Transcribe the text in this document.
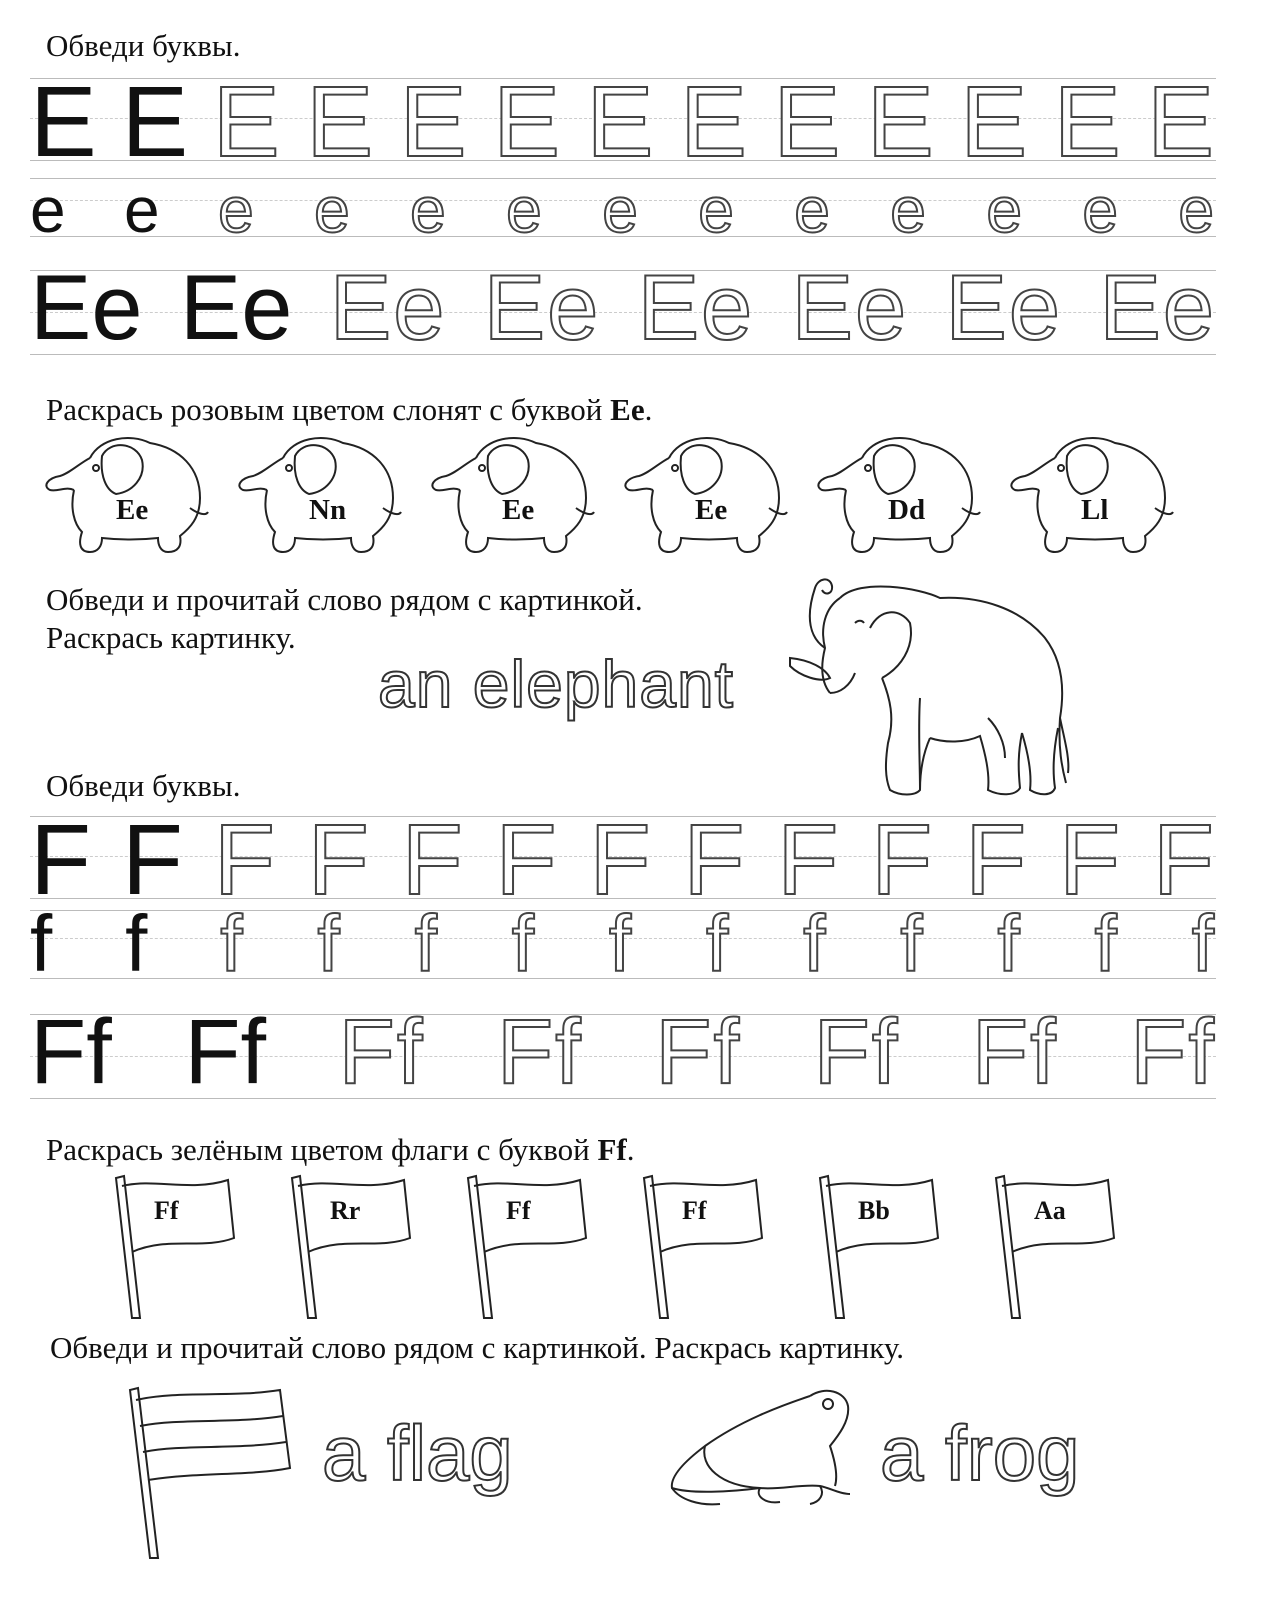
Обведи буквы.
E E E E E E E E E E E E E
e e e e e e e e e e e e e
Ee Ee Ee Ee Ee Ee Ee Ee
Раскрась розовым цветом слонят с буквой Ee.
Ee	Nn	Ee	Ee	Dd	Ll
Обведи и прочитай слово рядом с картинкой.
Раскрась картинку.
an elephant
Обведи буквы.
F F F F F F F F F F F F F
f f f f f f f f f f f f f
Ff Ff Ff Ff Ff Ff Ff Ff
Раскрась зелёным цветом флаги с буквой Ff.
Ff	Rr	Ff	Ff	Bb	Aa
Обведи и прочитай слово рядом с картинкой. Раскрась картинку.
a flag	a frog
